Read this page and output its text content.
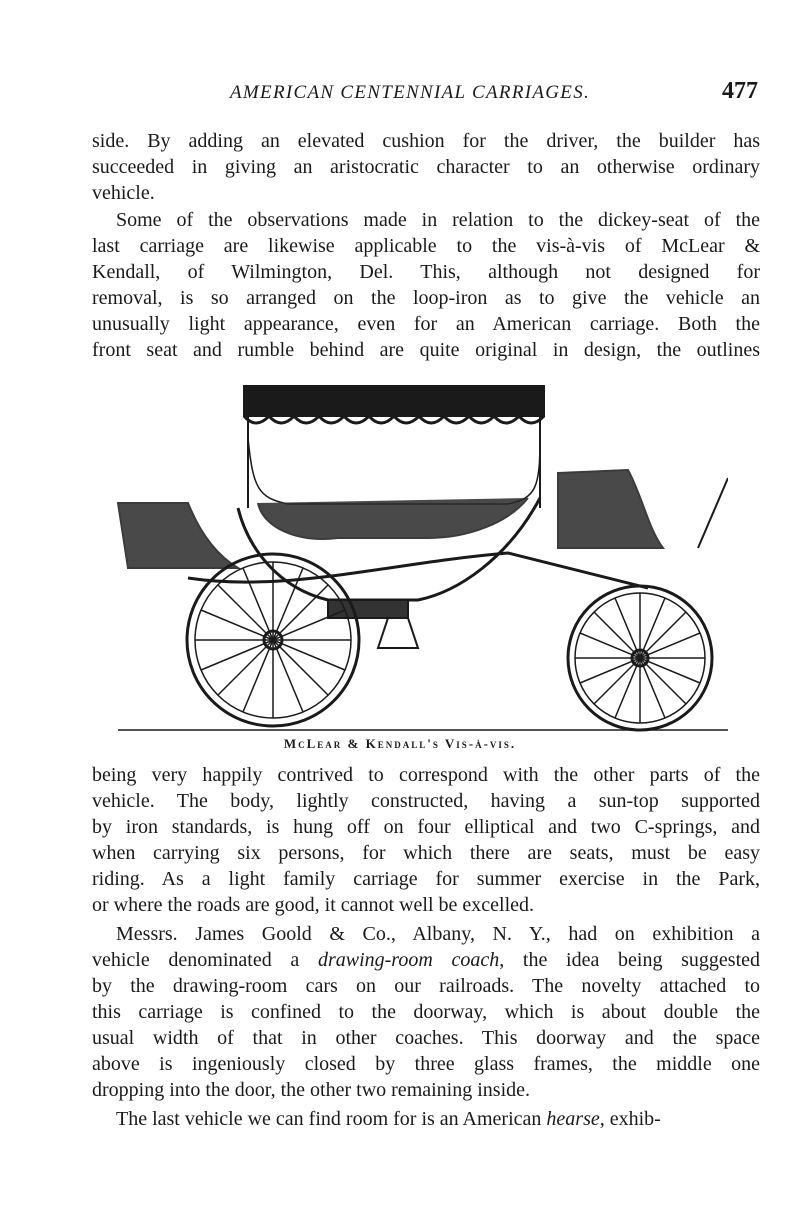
AMERICAN CENTENNIAL CARRIAGES.	477
side. By adding an elevated cushion for the driver, the builder has
succeeded in giving an aristocratic character to an otherwise ordinary
vehicle.
Some of the observations made in relation to the dickey-seat of the
last carriage are likewise applicable to the vis-à-vis of McLear &
Kendall, of Wilmington, Del. This, although not designed for
removal, is so arranged on the loop-iron as to give the vehicle an
unusually light appearance, even for an American carriage. Both the
front seat and rumble behind are quite original in design, the outlines
McLear & Kendall's Vis-à-vis.
being very happily contrived to correspond with the other parts of the
vehicle. The body, lightly constructed, having a sun-top supported
by iron standards, is hung off on four elliptical and two C-springs, and
when carrying six persons, for which there are seats, must be easy
riding. As a light family carriage for summer exercise in the Park,
or where the roads are good, it cannot well be excelled.
Messrs. James Goold & Co., Albany, N. Y., had on exhibition a
vehicle denominated a drawing-room coach, the idea being suggested
by the drawing-room cars on our railroads. The novelty attached to
this carriage is confined to the doorway, which is about double the
usual width of that in other coaches. This doorway and the space
above is ingeniously closed by three glass frames, the middle one
dropping into the door, the other two remaining inside.
The last vehicle we can find room for is an American hearse, exhib-
